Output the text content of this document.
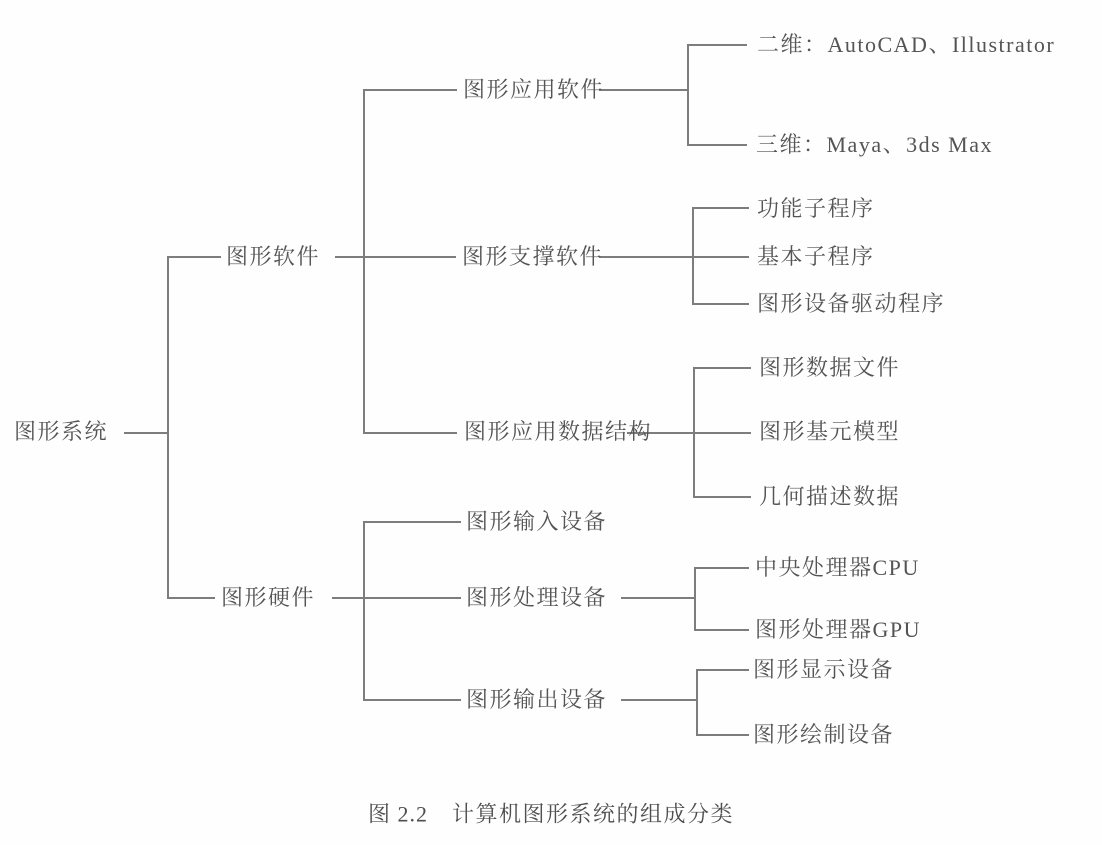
图形系统
图形软件
图形硬件
图形应用软件
图形支撑软件
图形应用数据结构
图形输入设备
图形处理设备
图形输出设备
二维：AutoCAD、Illustrator
三维：Maya、3ds Max
功能子程序
基本子程序
图形设备驱动程序
图形数据文件
图形基元模型
几何描述数据
中央处理器CPU
图形处理器GPU
图形显示设备
图形绘制设备
图 2.2 计算机图形系统的组成分类
